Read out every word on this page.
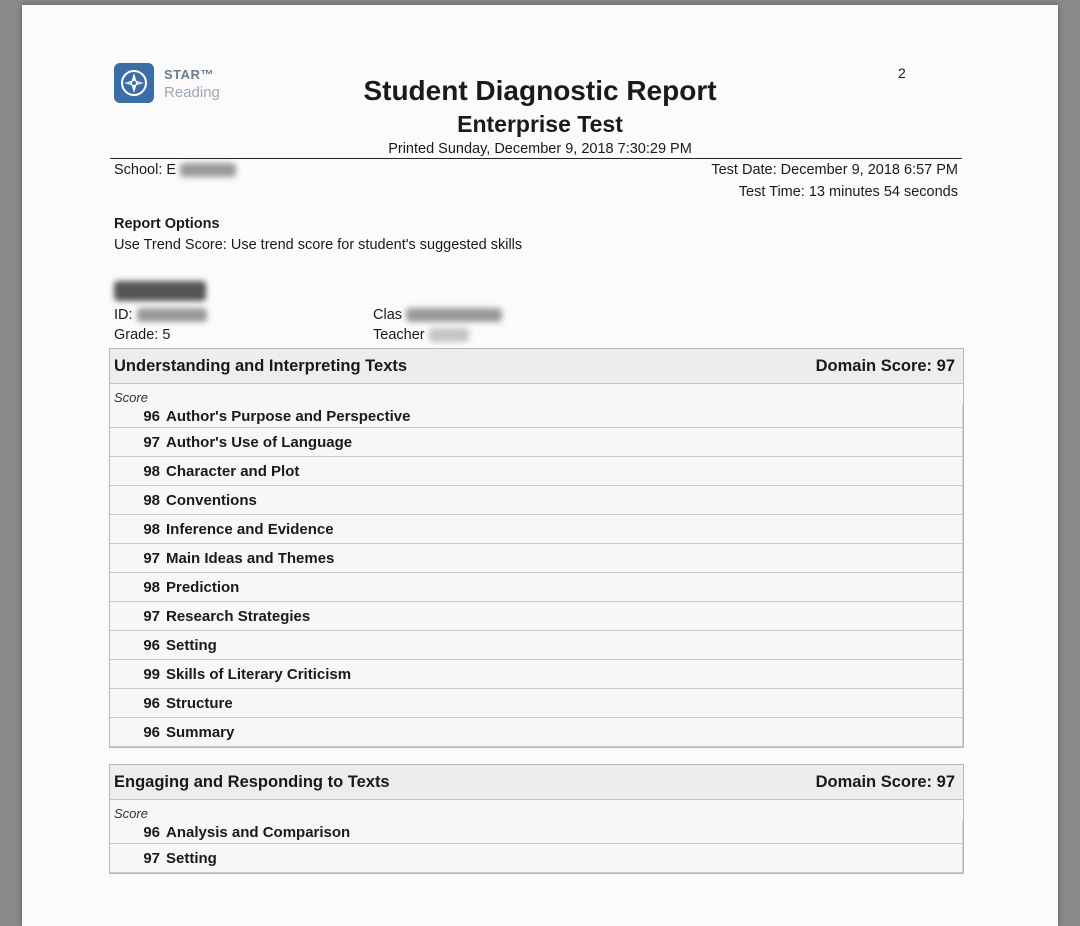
STAR™
Reading
2
Student Diagnostic Report
Enterprise Test
Printed Sunday, December 9, 2018 7:30:29 PM
School: E	Test Date: December 9, 2018 6:57 PM
Test Time: 13 minutes 54 seconds
Report Options
Use Trend Score: Use trend score for student's suggested skills
ID:
Grade: 5
Clas
Teacher
Understanding and Interpreting Texts	Domain Score: 97
Score
96 Author's Purpose and Perspective
97 Author's Use of Language
98 Character and Plot
98 Conventions
98 Inference and Evidence
97 Main Ideas and Themes
98 Prediction
97 Research Strategies
96 Setting
99 Skills of Literary Criticism
96 Structure
96 Summary
Engaging and Responding to Texts	Domain Score: 97
Score
96 Analysis and Comparison
97 Setting
